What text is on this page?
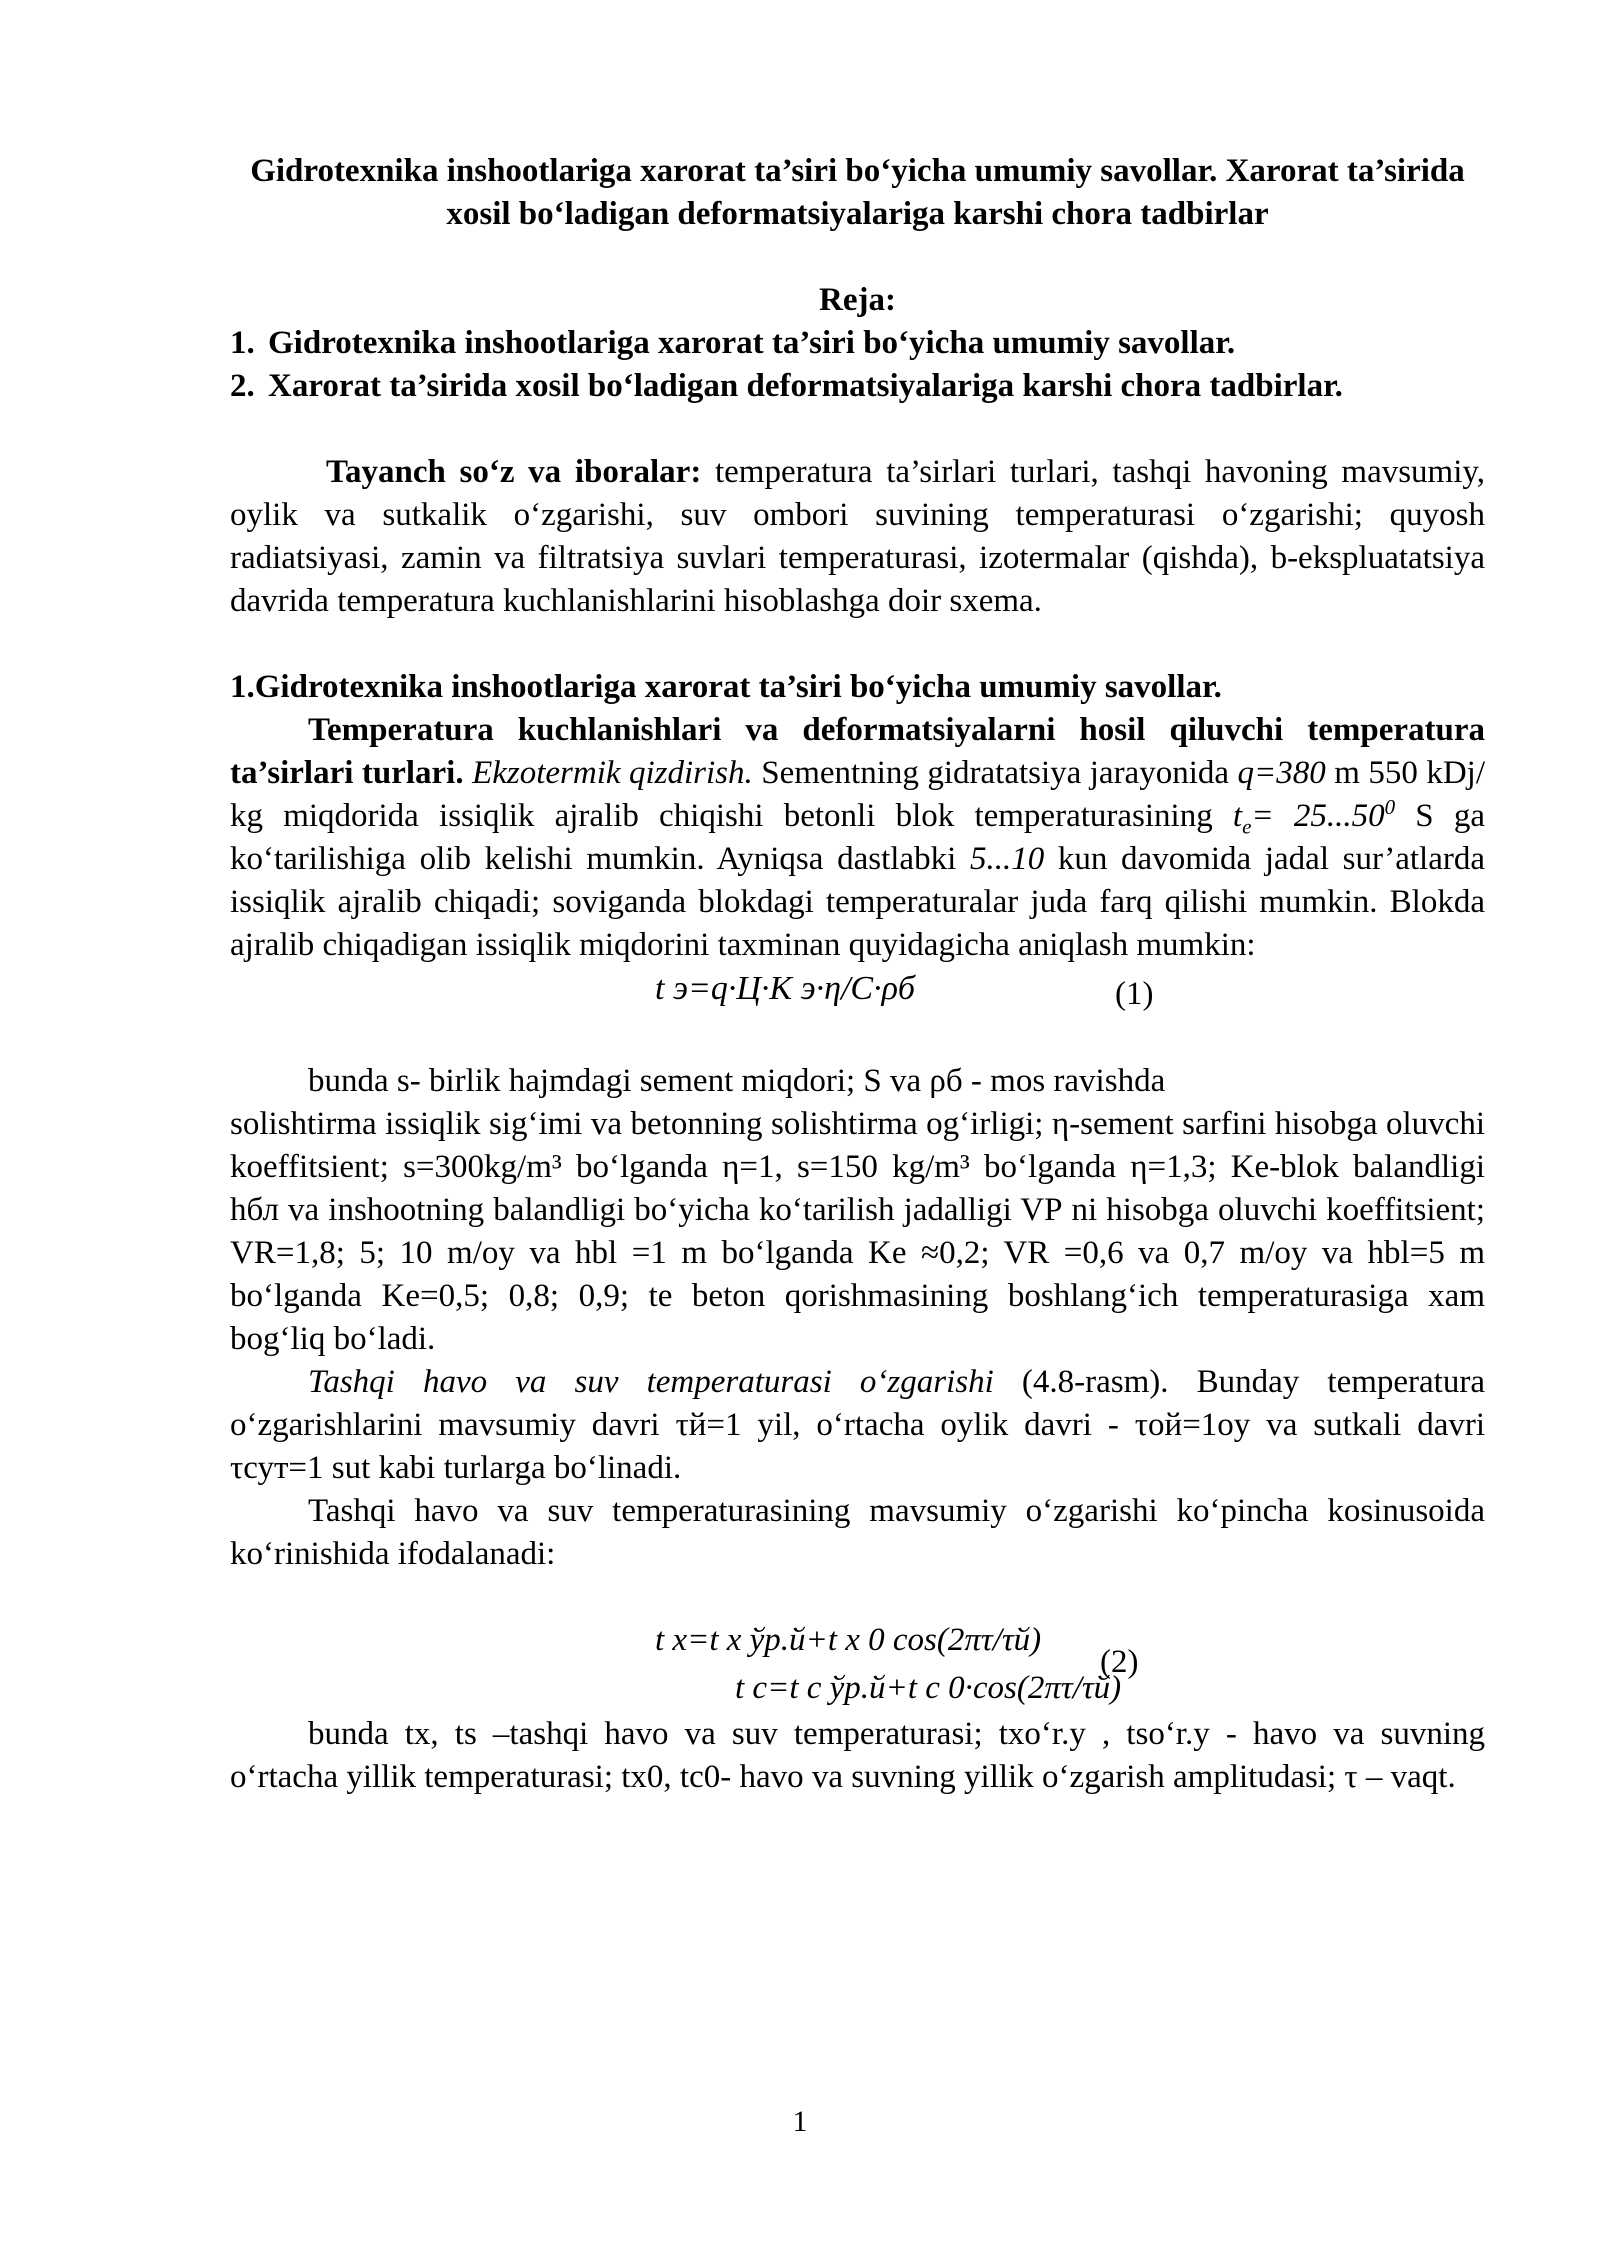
Gidrotexnika inshootlariga xarorat ta’siri bo‘yicha umumiy savollar. Xarorat ta’sirida xosil bo‘ladigan deformatsiyalariga karshi chora tadbirlar
Reja:
1. Gidrotexnika inshootlariga xarorat ta’siri bo‘yicha umumiy savollar.
2. Xarorat ta’sirida xosil bo‘ladigan deformatsiyalariga karshi chora tadbirlar.
Tayanch so‘z va iboralar: temperatura ta’sirlari turlari, tashqi havoning mavsumiy, oylik va sutkalik o‘zgarishi, suv ombori suvining temperaturasi o‘zgarishi; quyosh radiatsiyasi, zamin va filtratsiya suvlari temperaturasi, izotermalar (qishda), b-ekspluatatsiya davrida temperatura kuchlanishlarini hisoblashga doir sxema.
1.Gidrotexnika inshootlariga xarorat ta’siri bo‘yicha umumiy savollar.
Temperatura kuchlanishlari va deformatsiyalarni hosil qiluvchi temperatura ta’sirlari turlari. Ekzotermik qizdirish. Sementning gidratatsiya jarayonida q=380 m 550 kDj/ kg miqdorida issiqlik ajralib chiqishi betonli blok temperaturasining $t_e= 25...50^0$ S ga ko‘tarilishiga olib kelishi mumkin. Ayniqsa dastlabki 5...10 kun davomida jadal sur’atlarda issiqlik ajralib chiqadi; soviganda blokdagi temperaturalar juda farq qilishi mumkin. Blokda ajralib chiqadigan issiqlik miqdorini taxminan quyidagicha aniqlash mumkin:
t э=q·Ц·K э·η/C·ρб	(1)
bunda s- birlik hajmdagi sement miqdori; S va ρб - mos ravishda
solishtirma issiqlik sig‘imi va betonning solishtirma og‘irligi; η-sement sarfini hisobga oluvchi koeffitsient; s=300kg/m³ bo‘lganda η=1, s=150 kg/m³ bo‘lganda η=1,3; Ke-blok balandligi hбл va inshootning balandligi bo‘yicha ko‘tarilish jadalligi VР ni hisobga oluvchi koeffitsient; VR=1,8; 5; 10 m/oy va hbl =1 m bo‘lganda Ke ≈0,2; VR =0,6 va 0,7 m/oy va hbl=5 m bo‘lganda Ke=0,5; 0,8; 0,9; te beton qorishmasining boshlang‘ich temperaturasiga xam bog‘liq bo‘ladi.
Tashqi havo va suv temperaturasi o‘zgarishi (4.8-rasm). Bunday temperatura o‘zgarishlarini mavsumiy davri τй=1 yil, o‘rtacha oylik davri - τой=1oy va sutkali davri τсут=1 sut kabi turlarga bo‘linadi.
Tashqi havo va suv temperaturasining mavsumiy o‘zgarishi ko‘pincha kosinusoida ko‘rinishida ifodalanadi:
t x=t x ўр.й+t x 0 cos(2πτ/τй)
t c=t c ўр.й+t c 0·cos(2πτ/τй)
(2)
bunda tx, ts –tashqi havo va suv temperaturasi; txo‘r.y , tso‘r.y - havo va suvning o‘rtacha yillik temperaturasi; tx0, tc0- havo va suvning yillik o‘zgarish amplitudasi; τ – vaqt.
1
